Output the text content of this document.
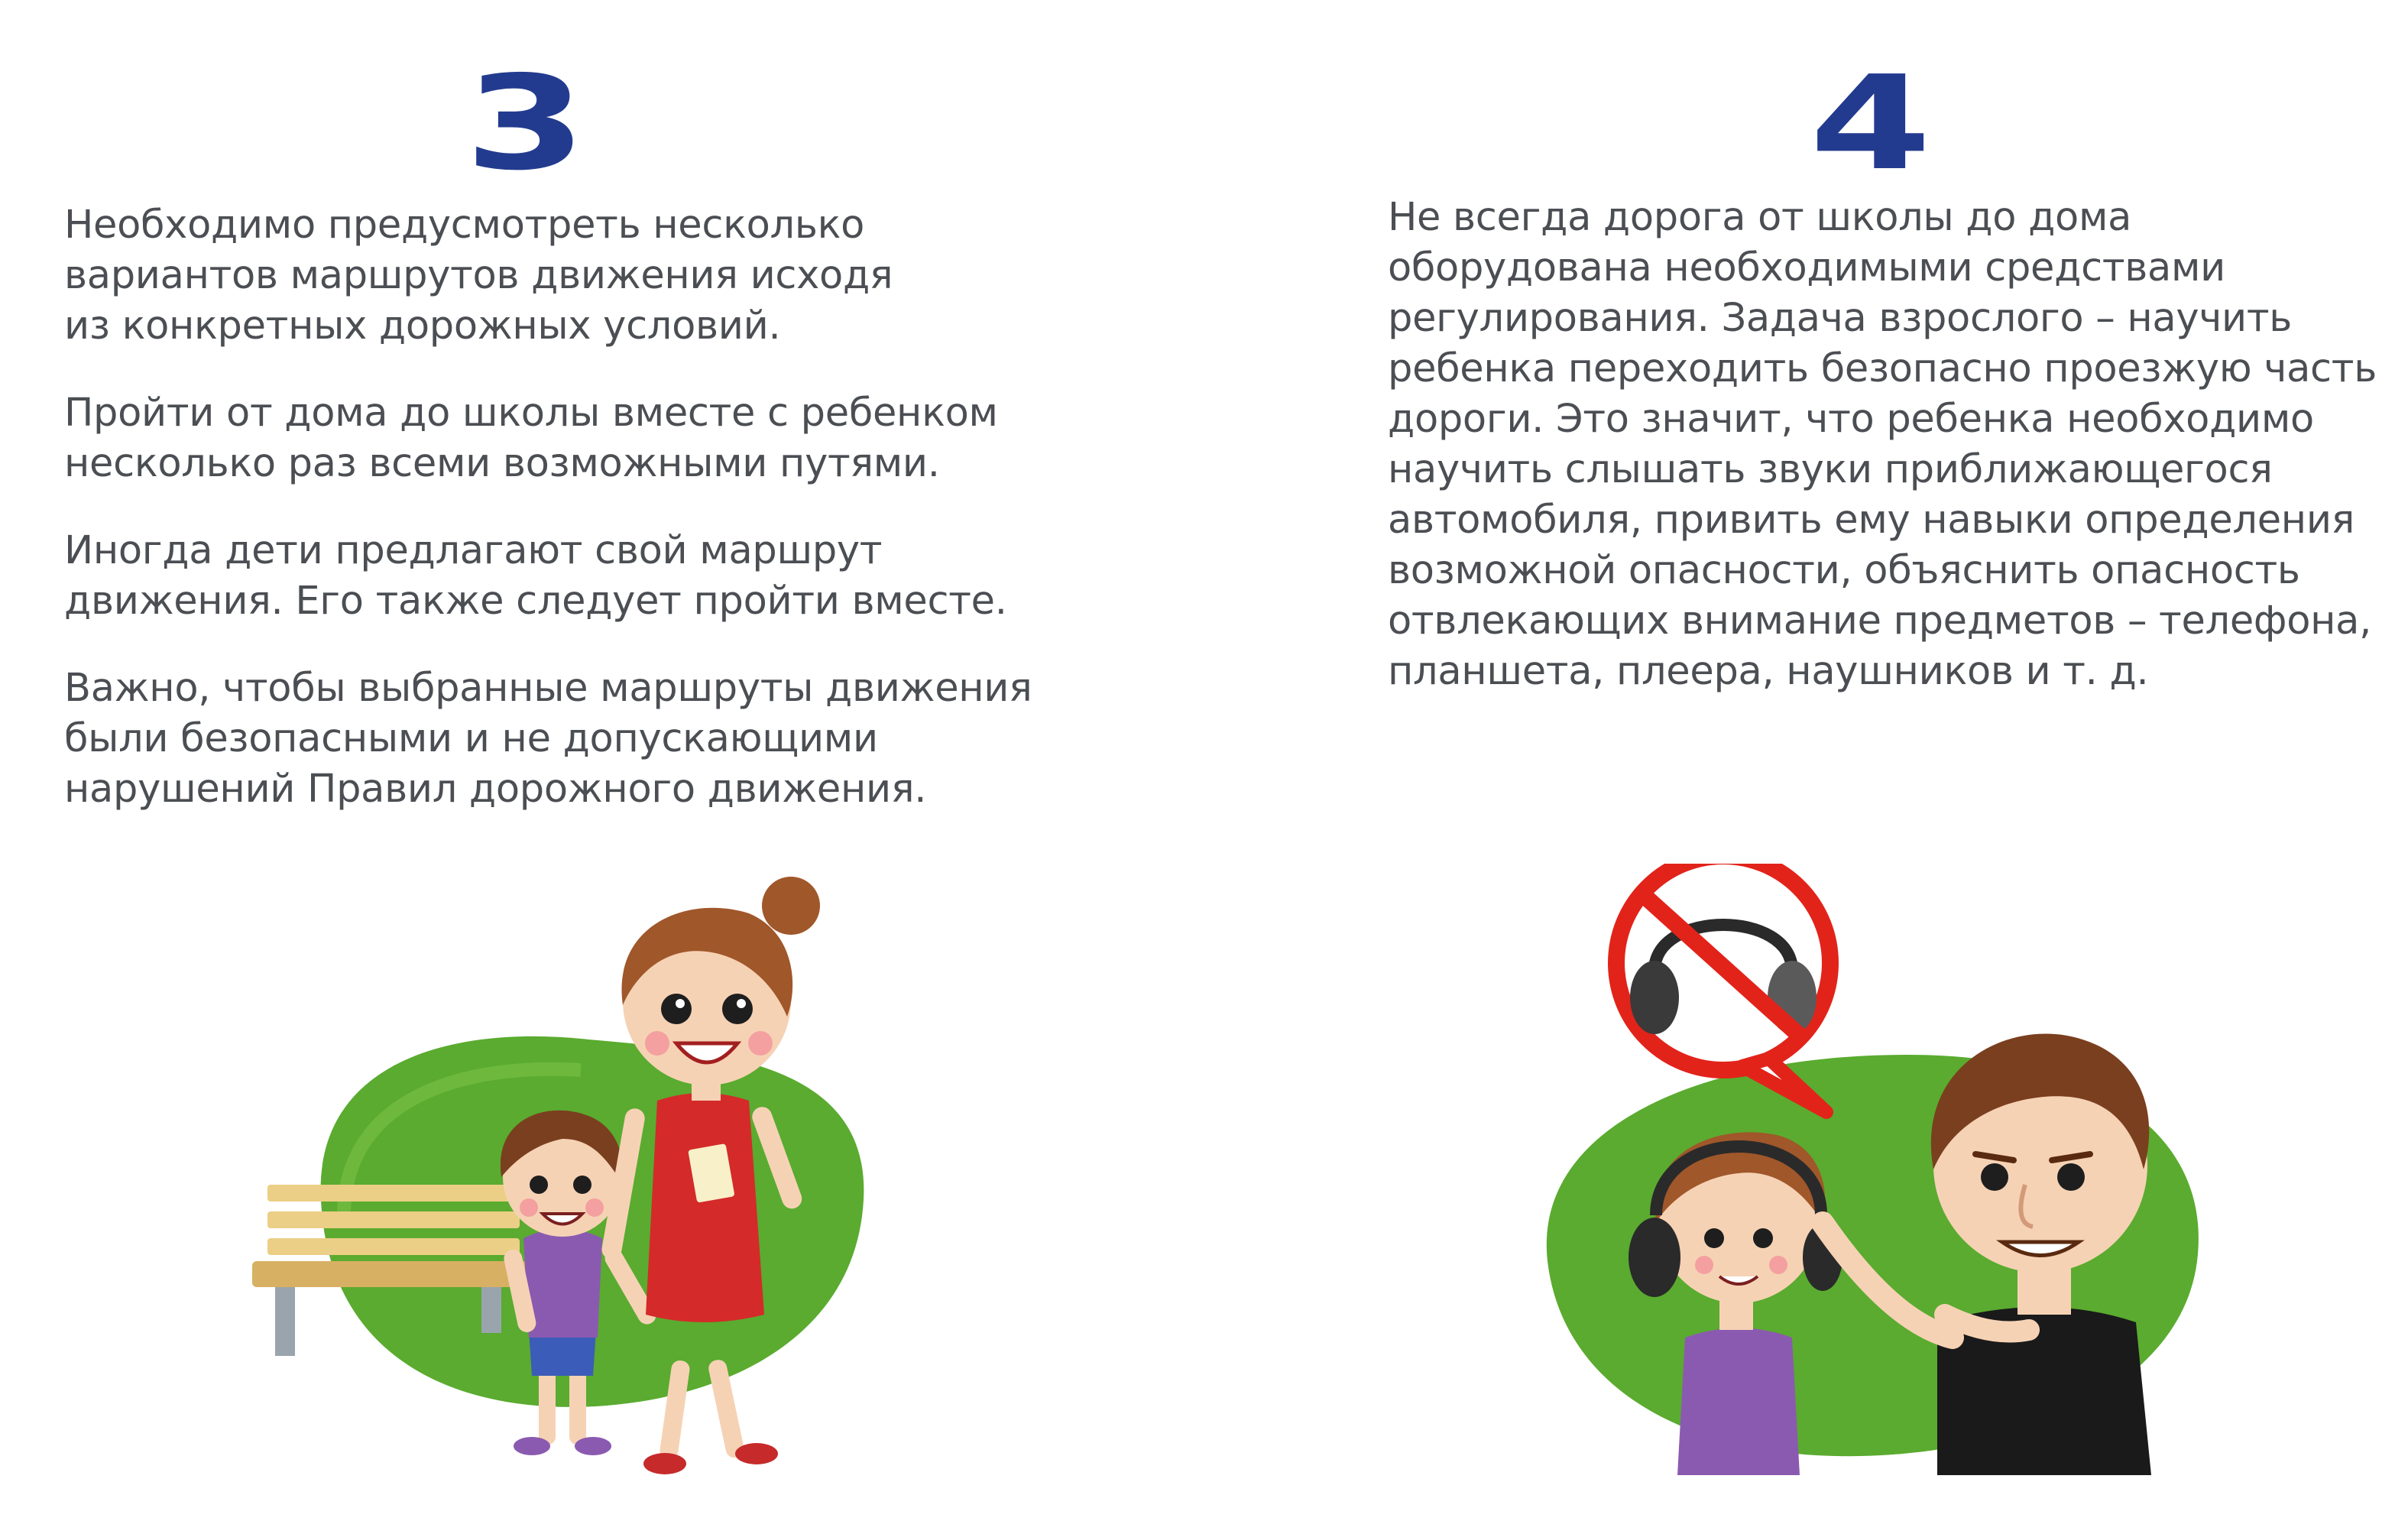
3

Необходимо предусмотреть несколько
вариантов маршрутов движения исходя
из конкретных дорожных условий.

Пройти от дома до школы вместе с ребенком
несколько раз всеми возможными путями.

Иногда дети предлагают свой маршрут
движения. Его также следует пройти вместе.

Важно, чтобы выбранные маршруты движения
были безопасными и не допускающими
нарушений Правил дорожного движения.

4

Не всегда дорога от школы до дома
оборудована необходимыми средствами
регулирования. Задача взрослого – научить
ребенка переходить безопасно проезжую часть
дороги. Это значит, что ребенка необходимо
научить слышать звуки приближающегося
автомобиля, привить ему навыки определения
возможной опасности, объяснить опасность
отвлекающих внимание предметов – телефона,
планшета, плеера, наушников и т. д.
